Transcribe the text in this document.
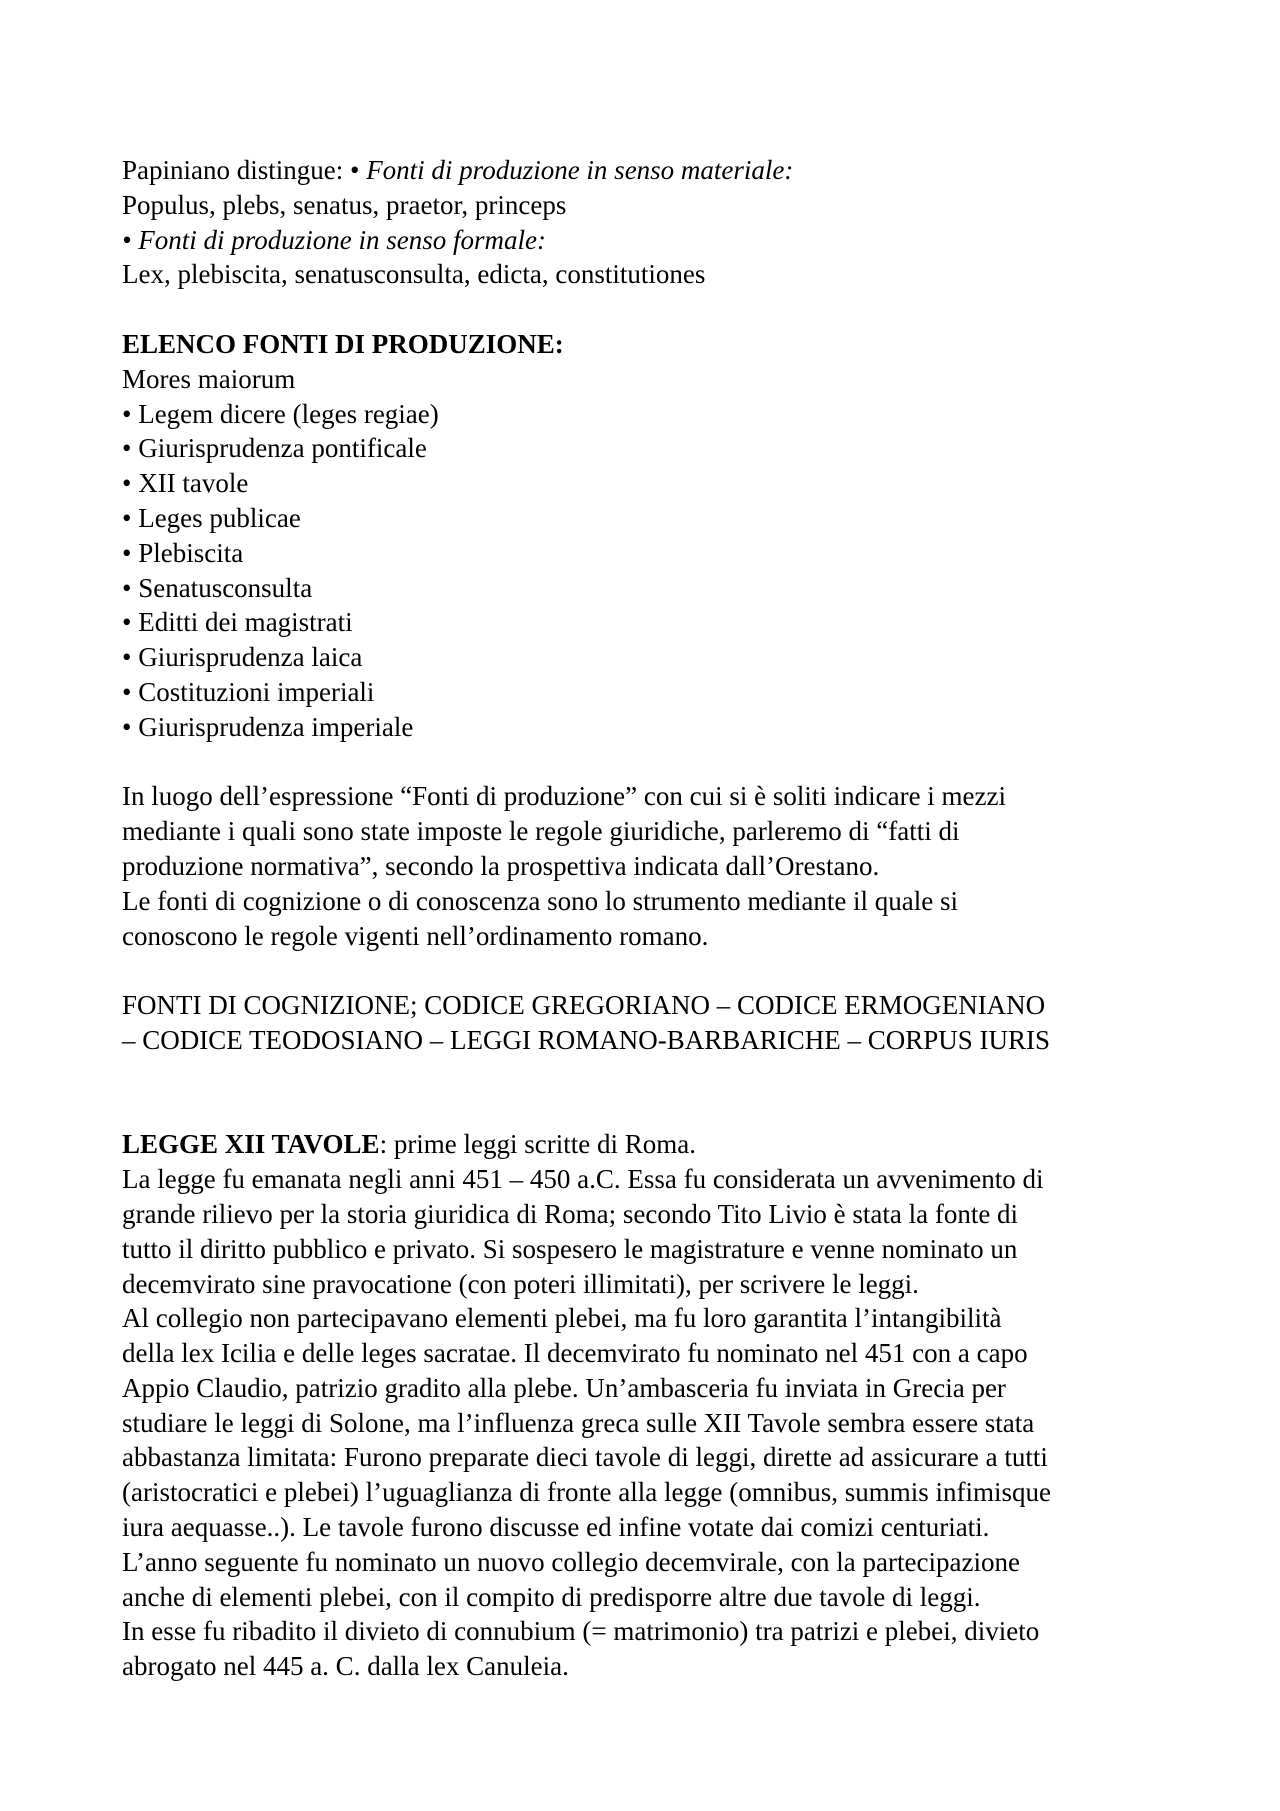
Papiniano distingue: • Fonti di produzione in senso materiale:
Populus, plebs, senatus, praetor, princeps
• Fonti di produzione in senso formale:
Lex, plebiscita, senatusconsulta, edicta, constitutiones
ELENCO FONTI DI PRODUZIONE:
Mores maiorum
• Legem dicere (leges regiae)
• Giurisprudenza pontificale
• XII tavole
• Leges publicae
• Plebiscita
• Senatusconsulta
• Editti dei magistrati
• Giurisprudenza laica
• Costituzioni imperiali
• Giurisprudenza imperiale
In luogo dell’espressione “Fonti di produzione” con cui si è soliti indicare i mezzi
mediante i quali sono state imposte le regole giuridiche, parleremo di “fatti di
produzione normativa”, secondo la prospettiva indicata dall’Orestano.
Le fonti di cognizione o di conoscenza sono lo strumento mediante il quale si
conoscono le regole vigenti nell’ordinamento romano.
FONTI DI COGNIZIONE; CODICE GREGORIANO – CODICE ERMOGENIANO
– CODICE TEODOSIANO – LEGGI ROMANO-BARBARICHE – CORPUS IURIS
LEGGE XII TAVOLE: prime leggi scritte di Roma.
La legge fu emanata negli anni 451 – 450 a.C. Essa fu considerata un avvenimento di
grande rilievo per la storia giuridica di Roma; secondo Tito Livio è stata la fonte di
tutto il diritto pubblico e privato. Si sospesero le magistrature e venne nominato un
decemvirato sine pravocatione (con poteri illimitati), per scrivere le leggi.
Al collegio non partecipavano elementi plebei, ma fu loro garantita l’intangibilità
della lex Icilia e delle leges sacratae. Il decemvirato fu nominato nel 451 con a capo
Appio Claudio, patrizio gradito alla plebe. Un’ambasceria fu inviata in Grecia per
studiare le leggi di Solone, ma l’influenza greca sulle XII Tavole sembra essere stata
abbastanza limitata: Furono preparate dieci tavole di leggi, dirette ad assicurare a tutti
(aristocratici e plebei) l’uguaglianza di fronte alla legge (omnibus, summis infimisque
iura aequasse..). Le tavole furono discusse ed infine votate dai comizi centuriati.
L’anno seguente fu nominato un nuovo collegio decemvirale, con la partecipazione
anche di elementi plebei, con il compito di predisporre altre due tavole di leggi.
In esse fu ribadito il divieto di connubium (= matrimonio) tra patrizi e plebei, divieto
abrogato nel 445 a. C. dalla lex Canuleia.
